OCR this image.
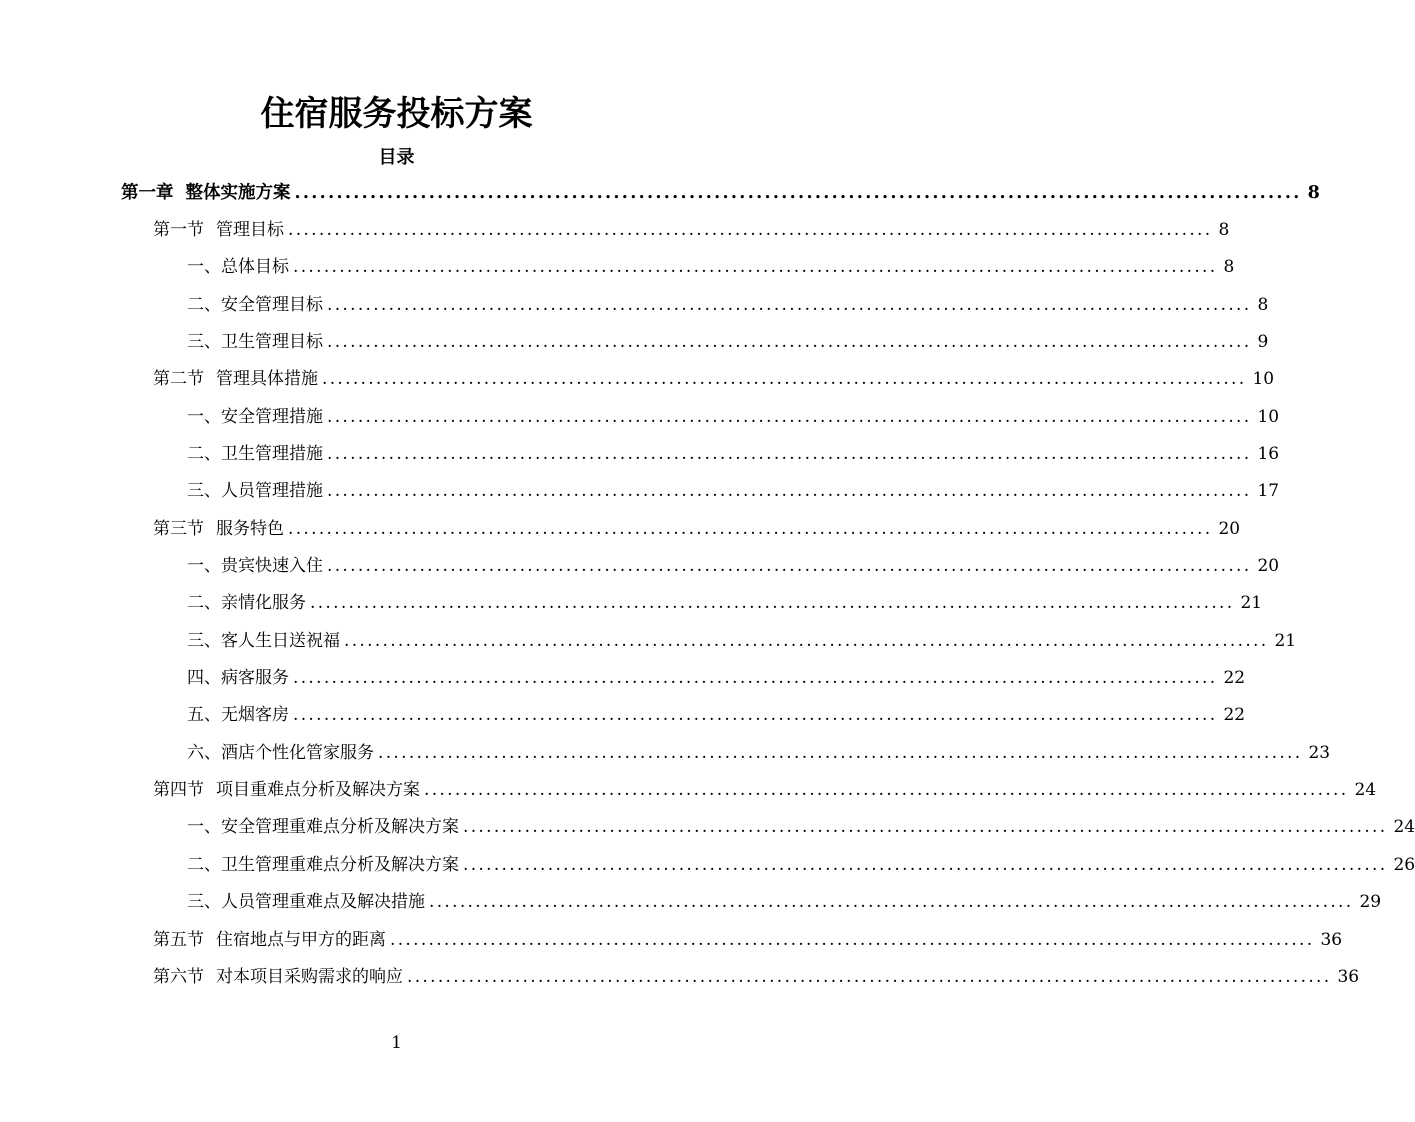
住宿服务投标方案
目录
第一章 整体实施方案 ........................................................................................................................ 8
第一节 管理目标 ........................................................................................................................ 8
一、总体目标 ........................................................................................................................ 8
二、安全管理目标 ........................................................................................................................ 8
三、卫生管理目标 ........................................................................................................................ 9
第二节 管理具体措施 ........................................................................................................................ 10
一、安全管理措施 ........................................................................................................................ 10
二、卫生管理措施 ........................................................................................................................ 16
三、人员管理措施 ........................................................................................................................ 17
第三节 服务特色 ........................................................................................................................ 20
一、贵宾快速入住 ........................................................................................................................ 20
二、亲情化服务 ........................................................................................................................ 21
三、客人生日送祝福 ........................................................................................................................ 21
四、病客服务 ........................................................................................................................ 22
五、无烟客房 ........................................................................................................................ 22
六、酒店个性化管家服务 ........................................................................................................................ 23
第四节 项目重难点分析及解决方案 ........................................................................................................................ 24
一、安全管理重难点分析及解决方案 ........................................................................................................................ 24
二、卫生管理重难点分析及解决方案 ........................................................................................................................ 26
三、人员管理重难点及解决措施 ........................................................................................................................ 29
第五节 住宿地点与甲方的距离 ........................................................................................................................ 36
第六节 对本项目采购需求的响应 ........................................................................................................................ 36
1
